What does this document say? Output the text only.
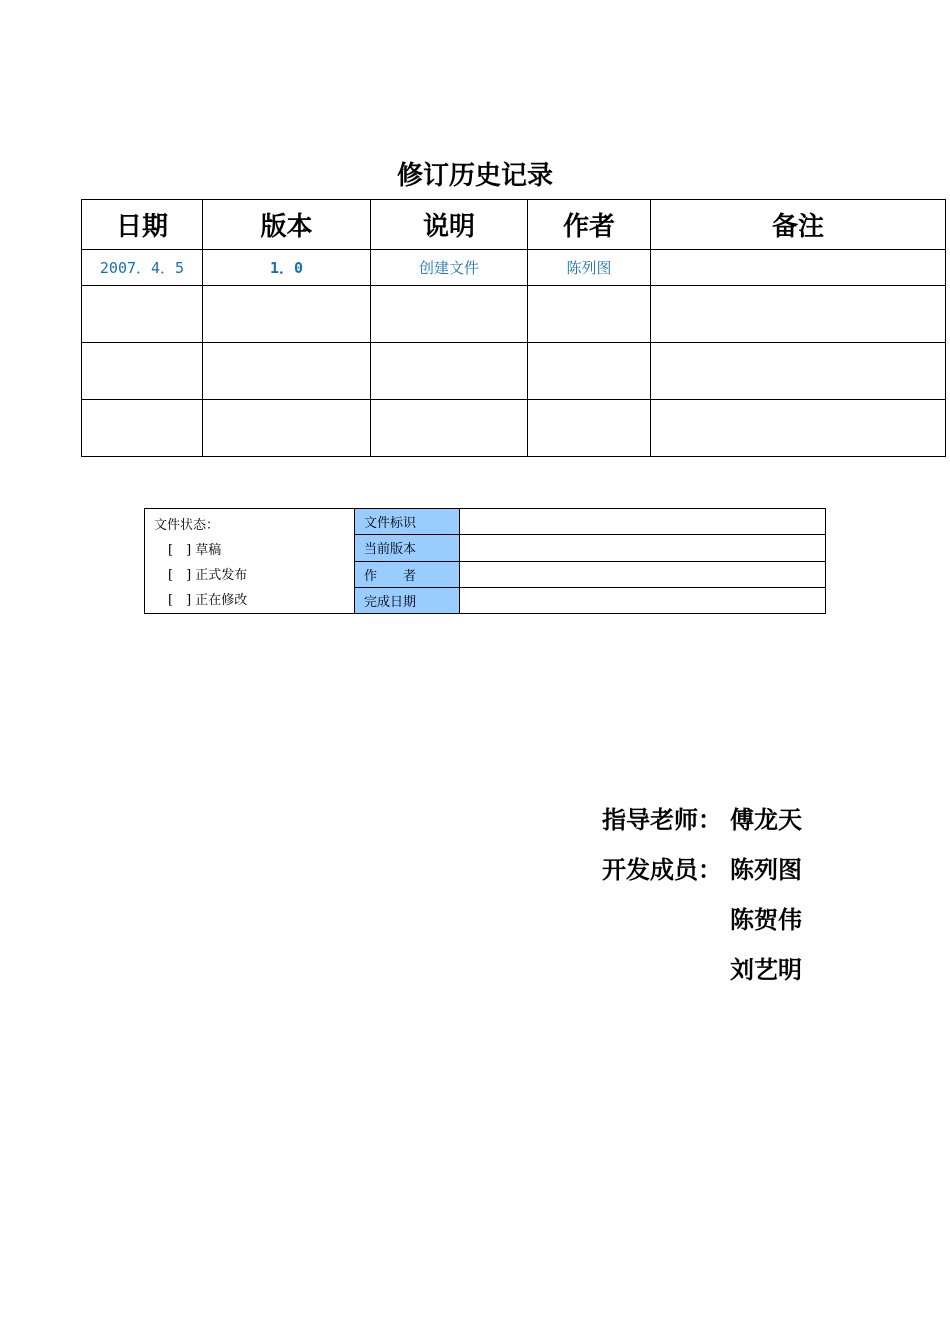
修订历史记录
日期	版本	说明	作者	备注
2007．4．5	1．0	创建文件	陈列图	

文件状态：
[　] 草稿
[　] 正式发布
[　] 正在修改	文件标识	
	当前版本	
	作　　者	
	完成日期	
指导老师： 傅龙天
开发成员： 陈列图
陈贺伟
刘艺明
